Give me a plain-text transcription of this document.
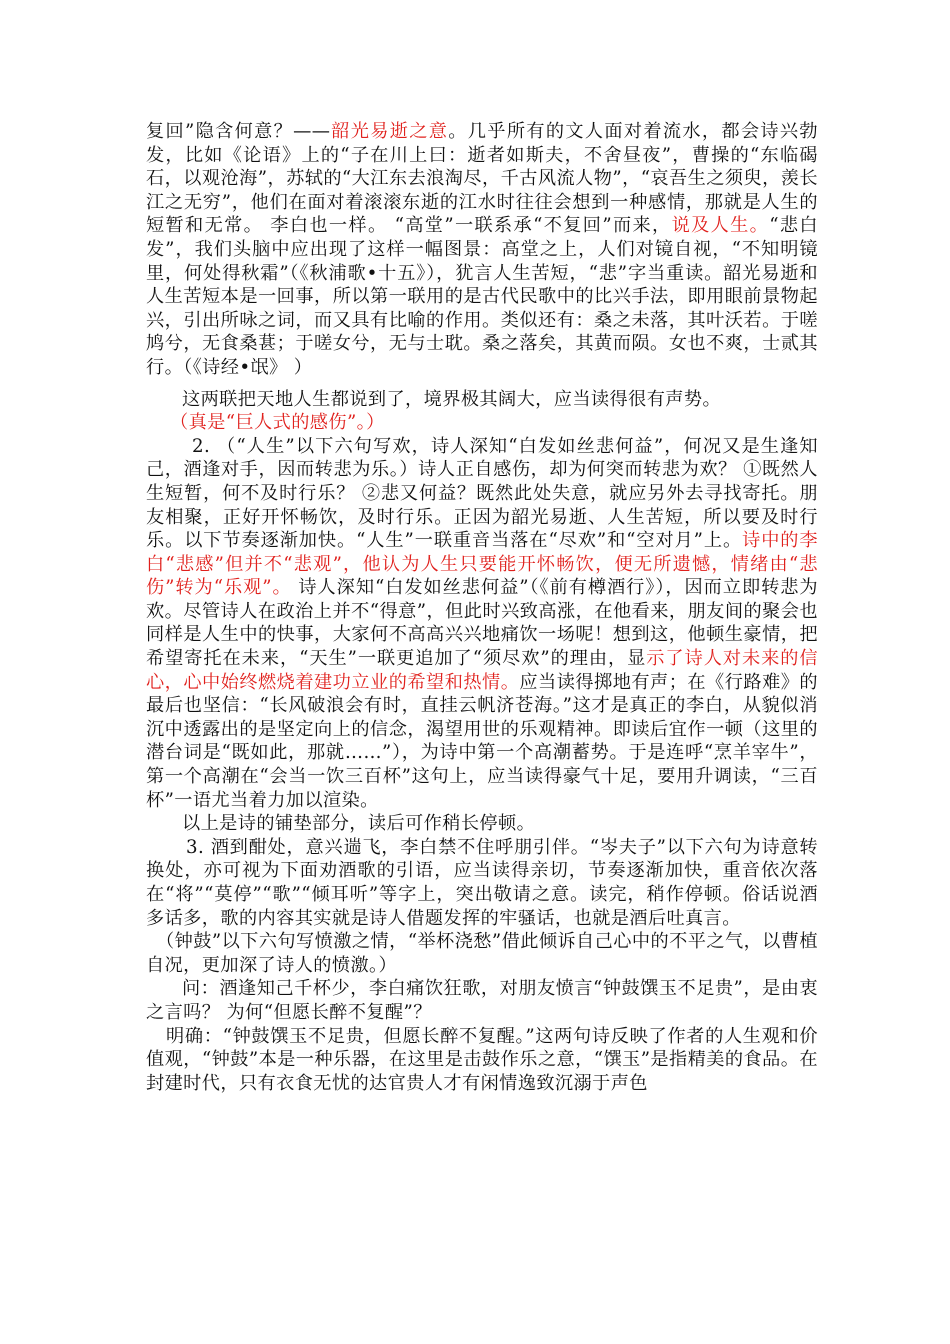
复回”隐含何意？——韶光易逝之意。几乎所有的文人面对着流水，都会诗兴勃发，比如《论语》上的“子在川上曰：逝者如斯夫，不舍昼夜”，曹操的“东临碣石，以观沧海”，苏轼的“大江东去浪淘尽，千古风流人物”，“哀吾生之须臾，羡长江之无穷”，他们在面对着滚滚东逝的江水时往往会想到一种感情，那就是人生的短暂和无常。 李白也一样。 “高堂”一联系承“不复回”而来，说及人生。“悲白发”，我们头脑中应出现了这样一幅图景：高堂之上，人们对镜自视，“不知明镜里，何处得秋霜”（《秋浦歌•十五》），犹言人生苦短，“悲”字当重读。韶光易逝和人生苦短本是一回事，所以第一联用的是古代民歌中的比兴手法，即用眼前景物起兴，引出所咏之词，而又具有比喻的作用。类似还有：桑之未落，其叶沃若。于嗟鸠兮，无食桑葚；于嗟女兮，无与士耽。桑之落矣，其黄而陨。女也不爽，士贰其行。（《诗经•氓》 ）

这两联把天地人生都说到了，境界极其阔大，应当读得很有声势。

（真是“巨人式的感伤”。）

2. （“人生”以下六句写欢，诗人深知“白发如丝悲何益”，何况又是生逢知己，酒逢对手，因而转悲为乐。）诗人正自感伤，却为何突而转悲为欢？ ①既然人生短暂，何不及时行乐？ ②悲又何益？既然此处失意，就应另外去寻找寄托。朋友相聚，正好开怀畅饮，及时行乐。正因为韶光易逝、人生苦短，所以要及时行乐。以下节奏逐渐加快。“人生”一联重音当落在“尽欢”和“空对月”上。诗中的李白“悲感”但并不“悲观”，他认为人生只要能开怀畅饮，便无所遗憾，情绪由“悲伤”转为“乐观”。 诗人深知“白发如丝悲何益”（《前有樽酒行》），因而立即转悲为欢。尽管诗人在政治上并不“得意”，但此时兴致高涨，在他看来，朋友间的聚会也同样是人生中的快事，大家何不高高兴兴地痛饮一场呢！想到这，他顿生豪情，把希望寄托在未来，“天生”一联更追加了“须尽欢”的理由，显示了诗人对未来的信心，心中始终燃烧着建功立业的希望和热情。应当读得掷地有声；在《行路难》的最后也坚信：“长风破浪会有时，直挂云帆济苍海。”这才是真正的李白，从貌似消沉中透露出的是坚定向上的信念，渴望用世的乐观精神。即读后宜作一顿（这里的潜台词是“既如此，那就……”），为诗中第一个高潮蓄势。于是连呼“烹羊宰牛”，第一个高潮在“会当一饮三百杯”这句上，应当读得豪气十足，要用升调读，“三百杯”一语尤当着力加以渲染。

以上是诗的铺垫部分，读后可作稍长停顿。

3. 酒到酣处，意兴遄飞，李白禁不住呼朋引伴。“岑夫子”以下六句为诗意转换处，亦可视为下面劝酒歌的引语，应当读得亲切，节奏逐渐加快，重音依次落在“将”“莫停”“歌”“倾耳听”等字上，突出敬请之意。读完，稍作停顿。俗话说酒多话多，歌的内容其实就是诗人借题发挥的牢骚话，也就是酒后吐真言。

（钟鼓”以下六句写愤激之情，“举杯浇愁”借此倾诉自己心中的不平之气，以曹植自况，更加深了诗人的愤激。）

问：酒逢知己千杯少，李白痛饮狂歌，对朋友愤言“钟鼓馔玉不足贵”，是由衷之言吗？ 为何“但愿长醉不复醒”？

明确：“钟鼓馔玉不足贵，但愿长醉不复醒。”这两句诗反映了作者的人生观和价值观，“钟鼓”本是一种乐器，在这里是击鼓作乐之意，“馔玉”是指精美的食品。在封建时代，只有衣食无忧的达官贵人才有闲情逸致沉溺于声色
